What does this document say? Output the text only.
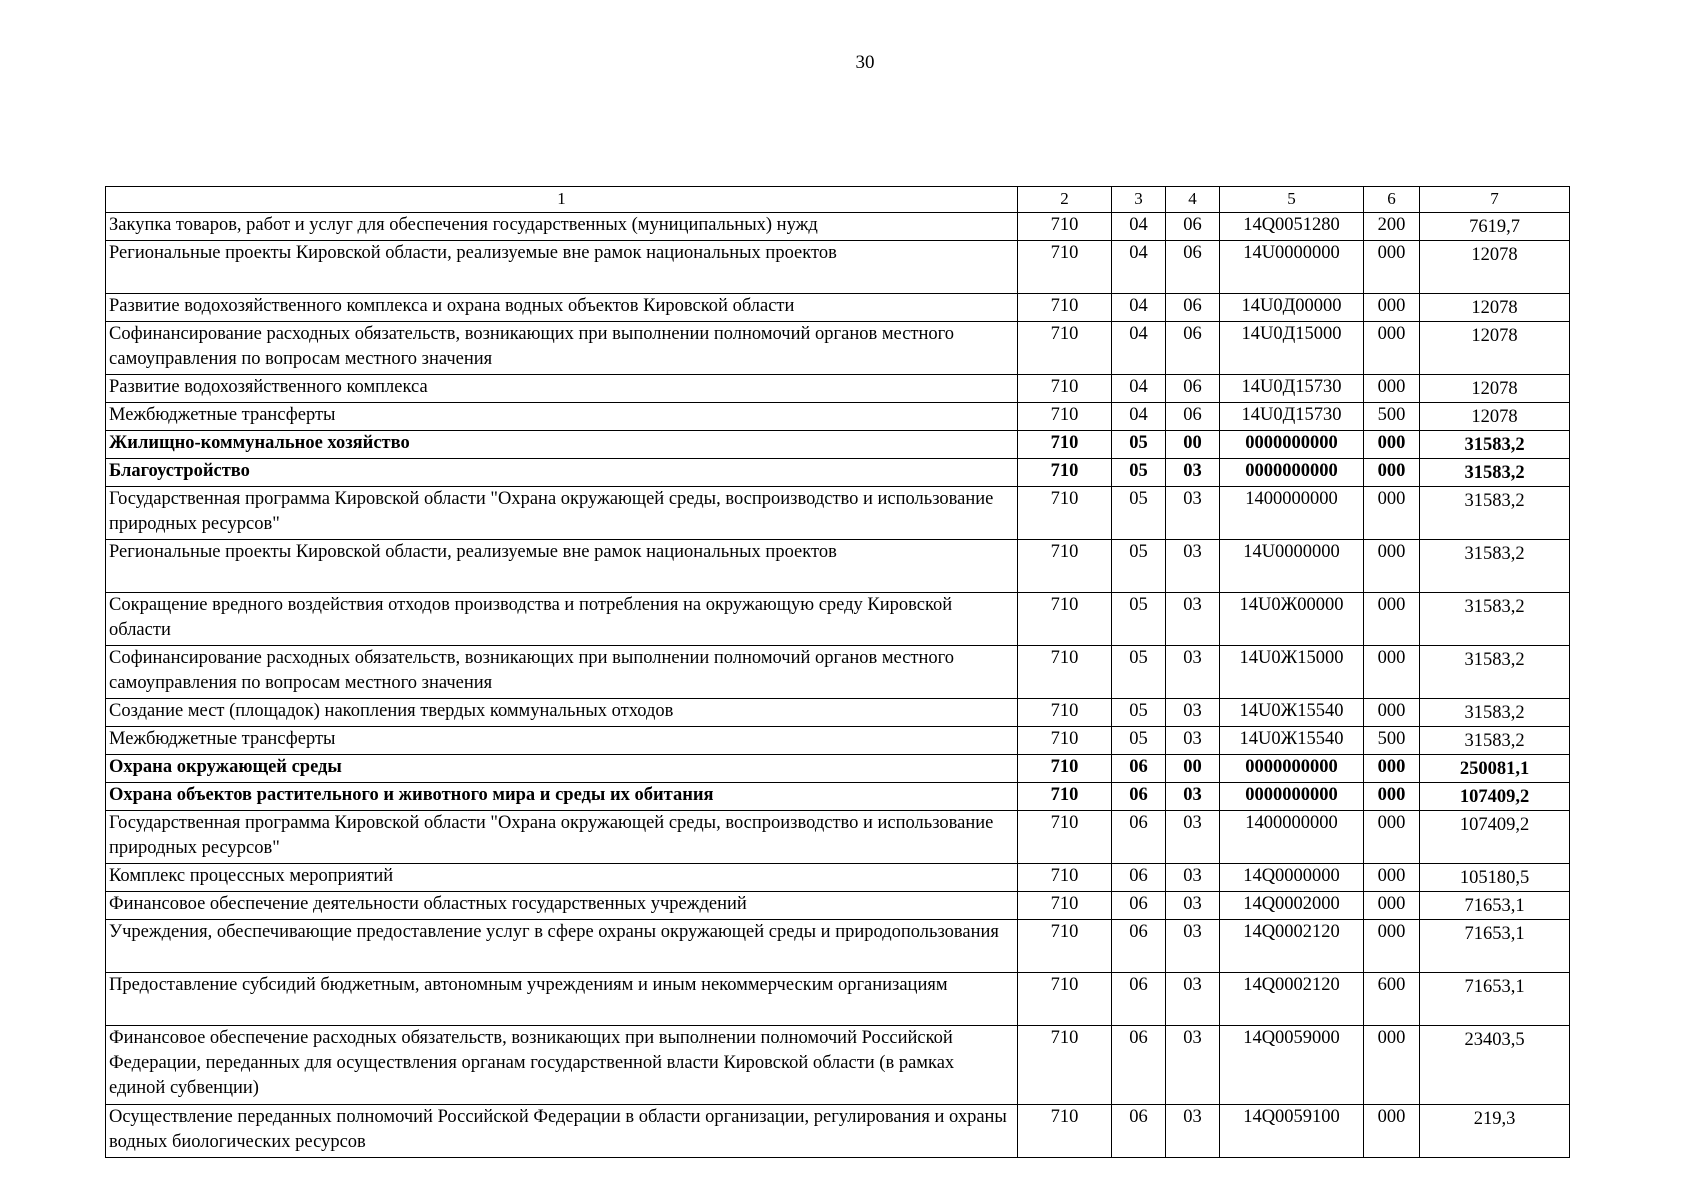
30
1	2	3	4	5	6	7
Закупка товаров, работ и услуг для обеспечения государственных (муниципальных) нужд	710	04	06	14Q0051280	200	7619,7
Региональные проекты Кировской области, реализуемые вне рамок национальных проектов	710	04	06	14U0000000	000	12078
Развитие водохозяйственного комплекса и охрана водных объектов Кировской области	710	04	06	14U0Д00000	000	12078
Софинансирование расходных обязательств, возникающих при выполнении полномочий органов местного самоуправления по вопросам местного значения	710	04	06	14U0Д15000	000	12078
Развитие водохозяйственного комплекса	710	04	06	14U0Д15730	000	12078
Межбюджетные трансферты	710	04	06	14U0Д15730	500	12078
Жилищно-коммунальное хозяйство	710	05	00	0000000000	000	31583,2
Благоустройство	710	05	03	0000000000	000	31583,2
Государственная программа Кировской области "Охрана окружающей среды, воспроизводство и использование природных ресурсов"	710	05	03	1400000000	000	31583,2
Региональные проекты Кировской области, реализуемые вне рамок национальных проектов	710	05	03	14U0000000	000	31583,2
Сокращение вредного воздействия отходов производства и потребления на окружающую среду Кировской области	710	05	03	14U0Ж00000	000	31583,2
Софинансирование расходных обязательств, возникающих при выполнении полномочий органов местного самоуправления по вопросам местного значения	710	05	03	14U0Ж15000	000	31583,2
Создание мест (площадок) накопления твердых коммунальных отходов	710	05	03	14U0Ж15540	000	31583,2
Межбюджетные трансферты	710	05	03	14U0Ж15540	500	31583,2
Охрана окружающей среды	710	06	00	0000000000	000	250081,1
Охрана объектов растительного и животного мира и среды их обитания	710	06	03	0000000000	000	107409,2
Государственная программа Кировской области "Охрана окружающей среды, воспроизводство и использование природных ресурсов"	710	06	03	1400000000	000	107409,2
Комплекс процессных мероприятий	710	06	03	14Q0000000	000	105180,5
Финансовое обеспечение деятельности областных государственных учреждений	710	06	03	14Q0002000	000	71653,1
Учреждения, обеспечивающие предоставление услуг в сфере охраны окружающей среды и природопользования	710	06	03	14Q0002120	000	71653,1
Предоставление субсидий бюджетным, автономным учреждениям и иным некоммерческим организациям	710	06	03	14Q0002120	600	71653,1
Финансовое обеспечение расходных обязательств, возникающих при выполнении полномочий Российской Федерации, переданных для осуществления органам государственной власти Кировской области (в рамках единой субвенции)	710	06	03	14Q0059000	000	23403,5
Осуществление переданных полномочий Российской Федерации в области организации, регулирования и охраны водных биологических ресурсов	710	06	03	14Q0059100	000	219,3
